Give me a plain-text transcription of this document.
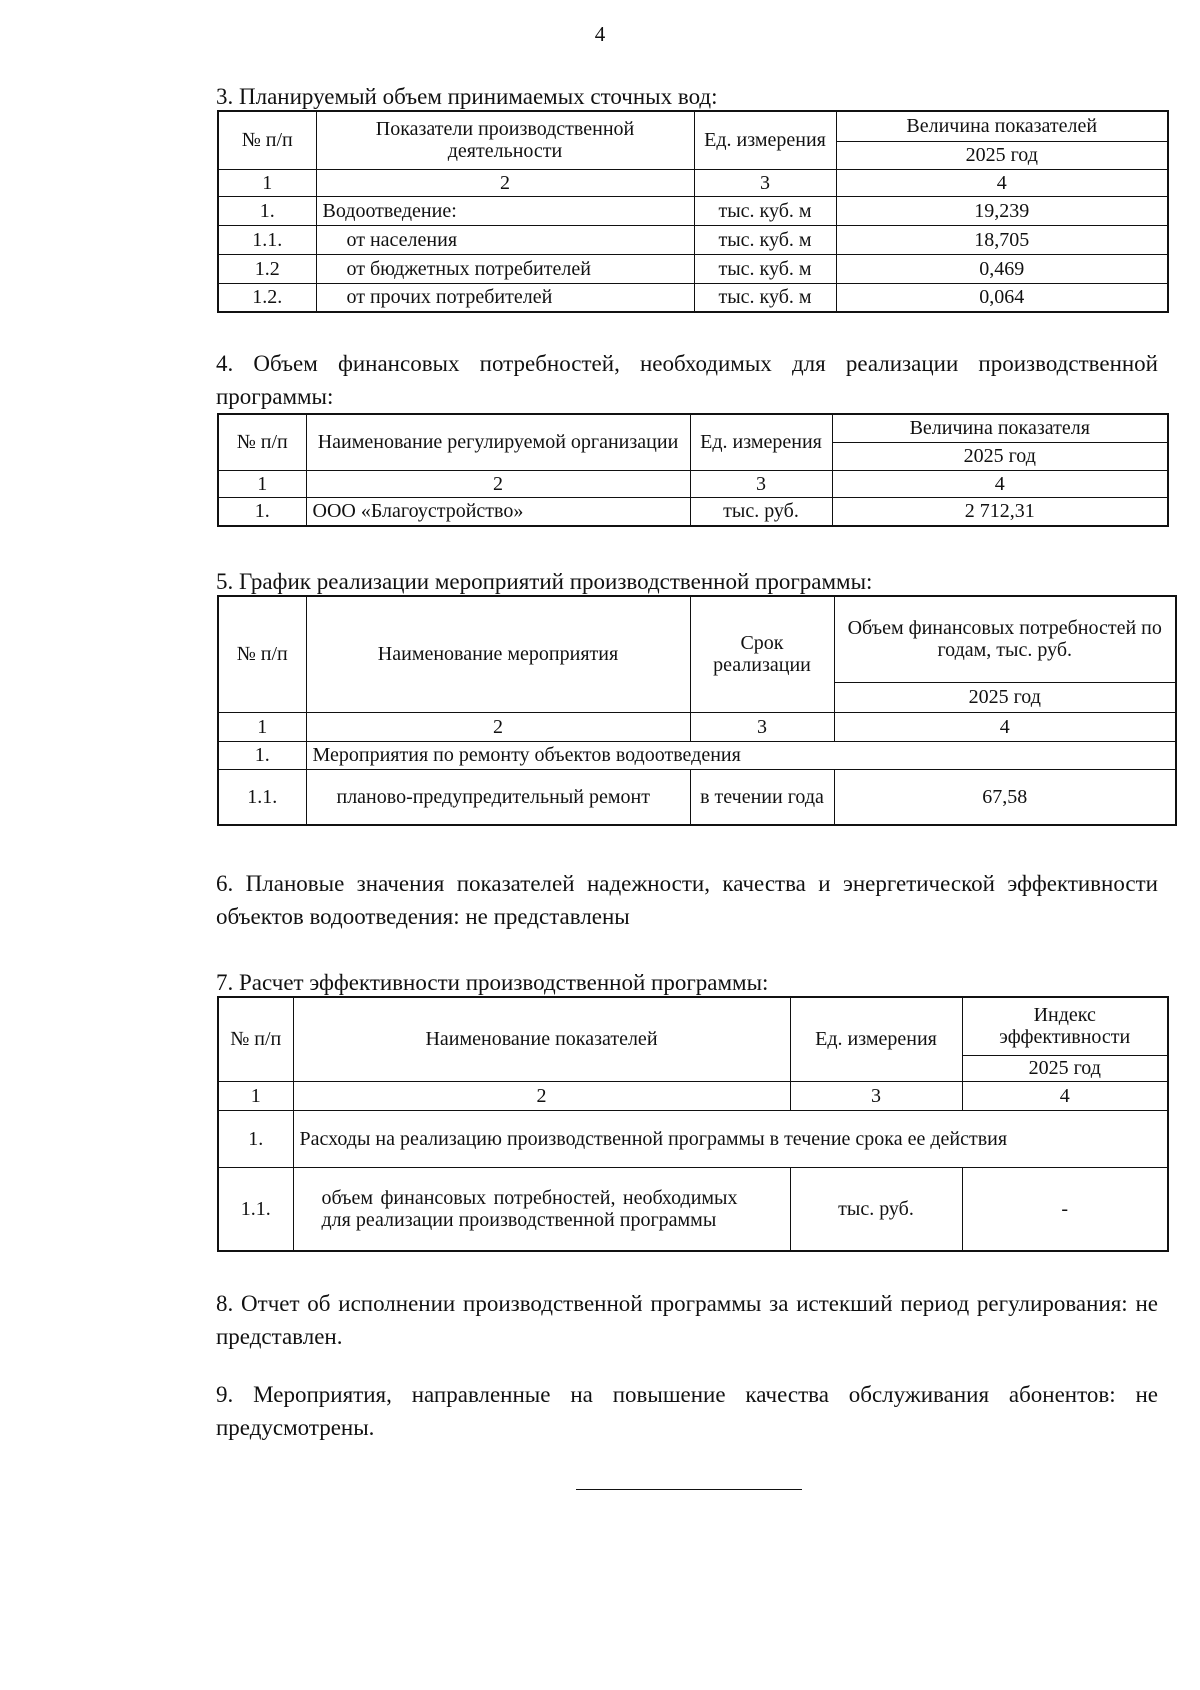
4
3. Планируемый объем принимаемых сточных вод:
№ п/п	Показатели производственной деятельности	Ед. измерения	Величина показателей
			2025 год
1	2	3	4
1.	Водоотведение:	тыс. куб. м	19,239
1.1.	от населения	тыс. куб. м	18,705
1.2	от бюджетных потребителей	тыс. куб. м	0,469
1.2.	от прочих потребителей	тыс. куб. м	0,064
4. Объем финансовых потребностей, необходимых для реализации производственной программы:
№ п/п	Наименование регулируемой организации	Ед. измерения	Величина показателя
			2025 год
1	2	3	4
1.	ООО «Благоустройство»	тыс. руб.	2 712,31
5. График реализации мероприятий производственной программы:
№ п/п	Наименование мероприятия	Срок реализации	Объем финансовых потребностей по годам, тыс. руб.
			2025 год
1	2	3	4
1.	Мероприятия по ремонту объектов водоотведения		
1.1.	планово-предупредительный ремонт	в течении года	67,58
6. Плановые значения показателей надежности, качества и энергетической эффективности объектов водоотведения: не представлены
7. Расчет эффективности производственной программы:
№ п/п	Наименование показателей	Ед. измерения	Индекс эффективности
			2025 год
1	2	3	4
1.	Расходы на реализацию производственной программы в течение срока ее действия		
1.1.	объем финансовых потребностей, необходимых для реализации производственной программы	тыс. руб.	-
8. Отчет об исполнении производственной программы за истекший период регулирования: не представлен.
9. Мероприятия, направленные на повышение качества обслуживания абонентов: не предусмотрены.
